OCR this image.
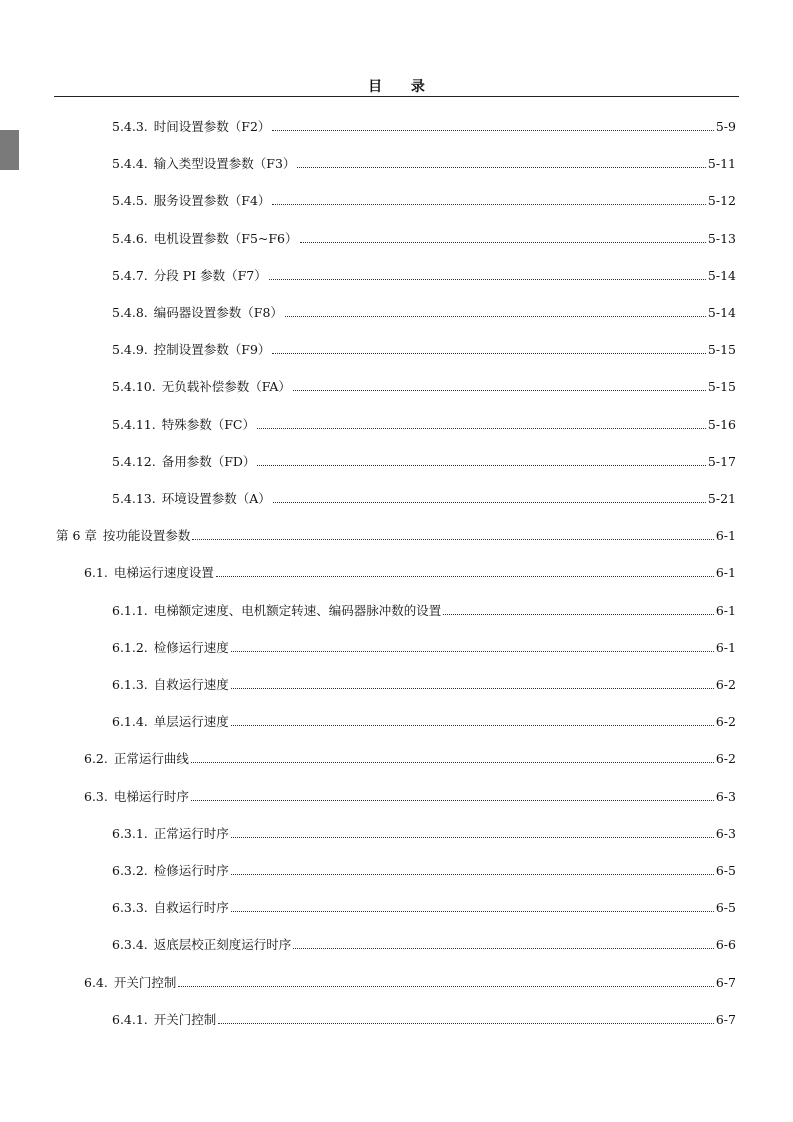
目 录
5.4.3. 时间设置参数（F2）	5-9
5.4.4. 输入类型设置参数（F3）	5-11
5.4.5. 服务设置参数（F4）	5-12
5.4.6. 电机设置参数（F5~F6）	5-13
5.4.7. 分段 PI 参数（F7）	5-14
5.4.8. 编码器设置参数（F8）	5-14
5.4.9. 控制设置参数（F9）	5-15
5.4.10. 无负载补偿参数（FA）	5-15
5.4.11. 特殊参数（FC）	5-16
5.4.12. 备用参数（FD）	5-17
5.4.13. 环境设置参数（A）	5-21
第 6 章 按功能设置参数	6-1
6.1. 电梯运行速度设置	6-1
6.1.1. 电梯额定速度、电机额定转速、编码器脉冲数的设置	6-1
6.1.2. 检修运行速度	6-1
6.1.3. 自救运行速度	6-2
6.1.4. 单层运行速度	6-2
6.2. 正常运行曲线	6-2
6.3. 电梯运行时序	6-3
6.3.1. 正常运行时序	6-3
6.3.2. 检修运行时序	6-5
6.3.3. 自救运行时序	6-5
6.3.4. 返底层校正刻度运行时序	6-6
6.4. 开关门控制	6-7
6.4.1. 开关门控制	6-7
